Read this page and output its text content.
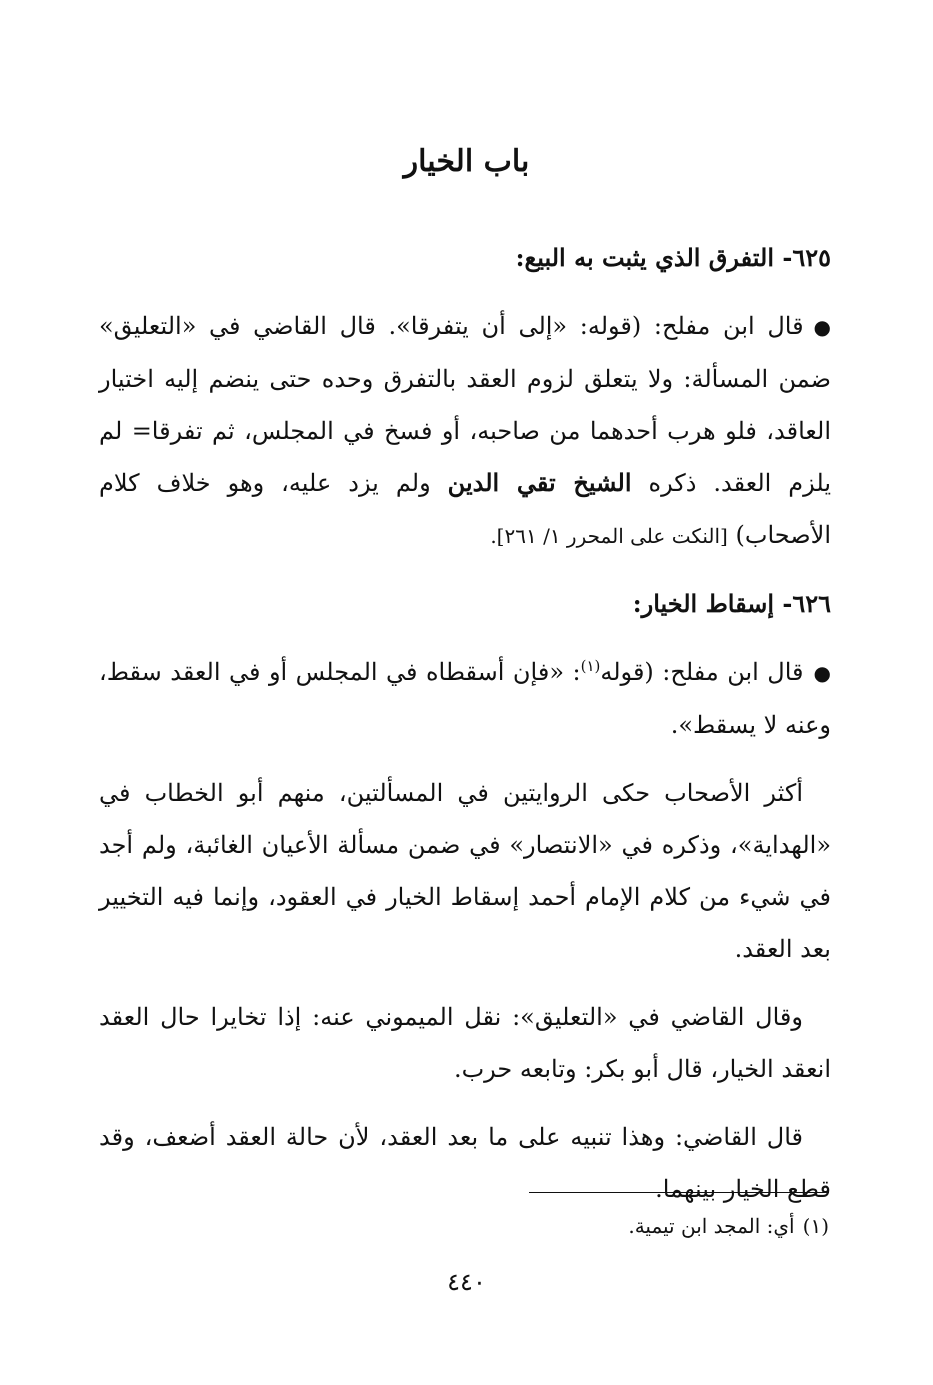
باب الخيار
٦٢٥- التفرق الذي يثبت به البيع:

●قال ابن مفلح: (قوله: «إلى أن يتفرقا». قال القاضي في «التعليق» ضمن المسألة: ولا يتعلق لزوم العقد بالتفرق وحده حتى ينضم إليه اختيار العاقد، فلو هرب أحدهما من صاحبه، أو فسخ في المجلس، ثم تفرقا= لم يلزم العقد. ذكره الشيخ تقي الدين ولم يزد عليه، وهو خلاف كلام الأصحاب) [النكت على المحرر ١/ ٢٦١].

٦٢٦- إسقاط الخيار:

●قال ابن مفلح: (قوله$^{(١)}$: «فإن أسقطاه في المجلس أو في العقد سقط، وعنه لا يسقط».

أكثر الأصحاب حكى الروايتين في المسألتين، منهم أبو الخطاب في «الهداية»، وذكره في «الانتصار» في ضمن مسألة الأعيان الغائبة، ولم أجد في شيء من كلام الإمام أحمد إسقاط الخيار في العقود، وإنما فيه التخيير بعد العقد.

وقال القاضي في «التعليق»: نقل الميموني عنه: إذا تخايرا حال العقد انعقد الخيار، قال أبو بكر: وتابعه حرب.

قال القاضي: وهذا تنبيه على ما بعد العقد، لأن حالة العقد أضعف، وقد قطع الخيار بينهما.

(١)أي: المجد ابن تيمية.
٤٤٠
